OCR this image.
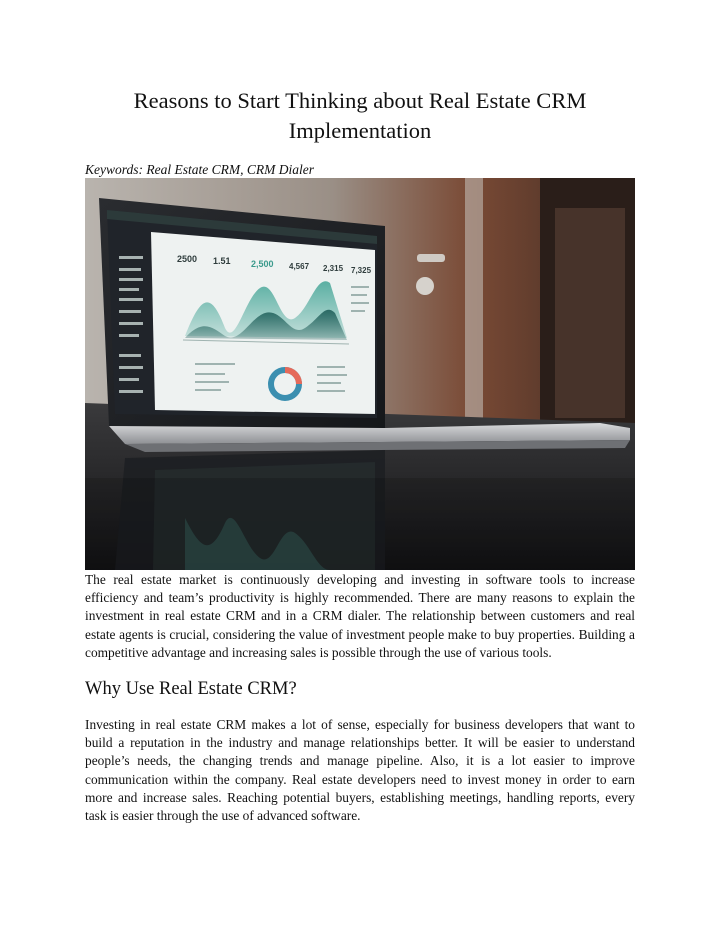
Reasons to Start Thinking about Real Estate CRM Implementation
Keywords: Real Estate CRM, CRM Dialer
2500 1.51 2,500 4,567 2,315 7,325

The real estate market is continuously developing and investing in software tools to increase efficiency and team’s productivity is highly recommended. There are many reasons to explain the investment in real estate CRM and in a CRM dialer. The relationship between customers and real estate agents is crucial, considering the value of investment people make to buy properties. Building a competitive advantage and increasing sales is possible through the use of various tools.

Why Use Real Estate CRM?

Investing in real estate CRM makes a lot of sense, especially for business developers that want to build a reputation in the industry and manage relationships better. It will be easier to understand people’s needs, the changing trends and manage pipeline. Also, it is a lot easier to improve communication within the company. Real estate developers need to invest money in order to earn more and increase sales. Reaching potential buyers, establishing meetings, handling reports, every task is easier through the use of advanced software.
